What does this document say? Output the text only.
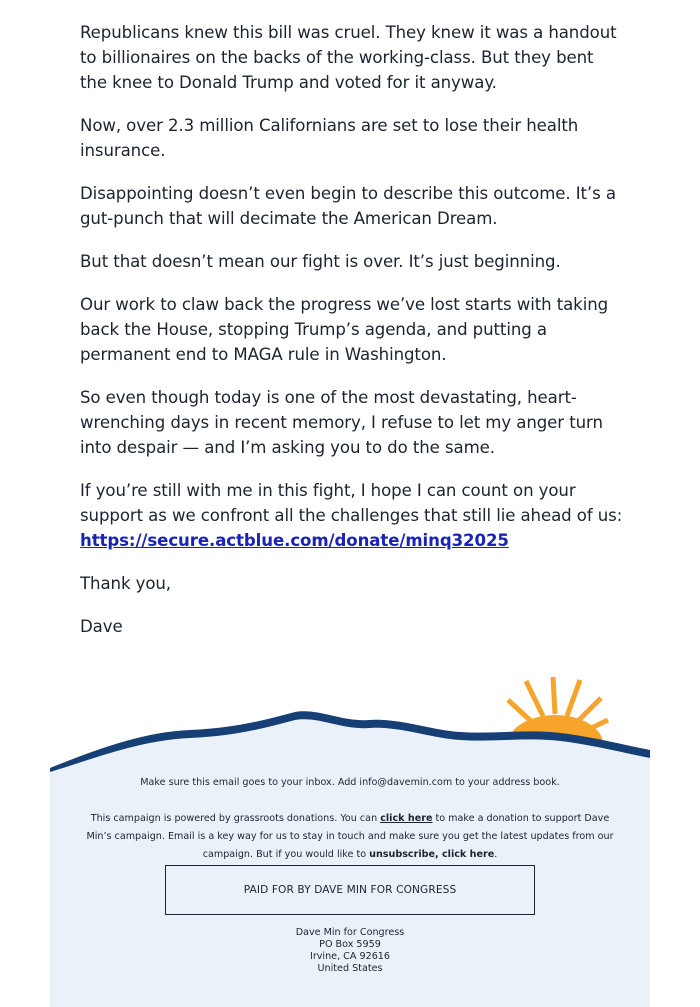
Republicans knew this bill was cruel. They knew it was a handout to billionaires on the backs of the working-class. But they bent the knee to Donald Trump and voted for it anyway.

Now, over 2.3 million Californians are set to lose their health insurance.

Disappointing doesn’t even begin to describe this outcome. It’s a gut-punch that will decimate the American Dream.

But that doesn’t mean our fight is over. It’s just beginning.

Our work to claw back the progress we’ve lost starts with taking back the House, stopping Trump’s agenda, and putting a permanent end to MAGA rule in Washington.

So even though today is one of the most devastating, heart-wrenching days in recent memory, I refuse to let my anger turn into despair — and I’m asking you to do the same.

If you’re still with me in this fight, I hope I can count on your support as we confront all the challenges that still lie ahead of us: https://secure.actblue.com/donate/minq32025

Thank you,

Dave

Make sure this email goes to your inbox. Add info@davemin.com to your address book.
This campaign is powered by grassroots donations. You can click here to make a donation to support Dave Min’s campaign. Email is a key way for us to stay in touch and make sure you get the latest updates from our campaign. But if you would like to unsubscribe, click here.
PAID FOR BY DAVE MIN FOR CONGRESS
Dave Min for Congress
PO Box 5959
Irvine, CA 92616
United States
